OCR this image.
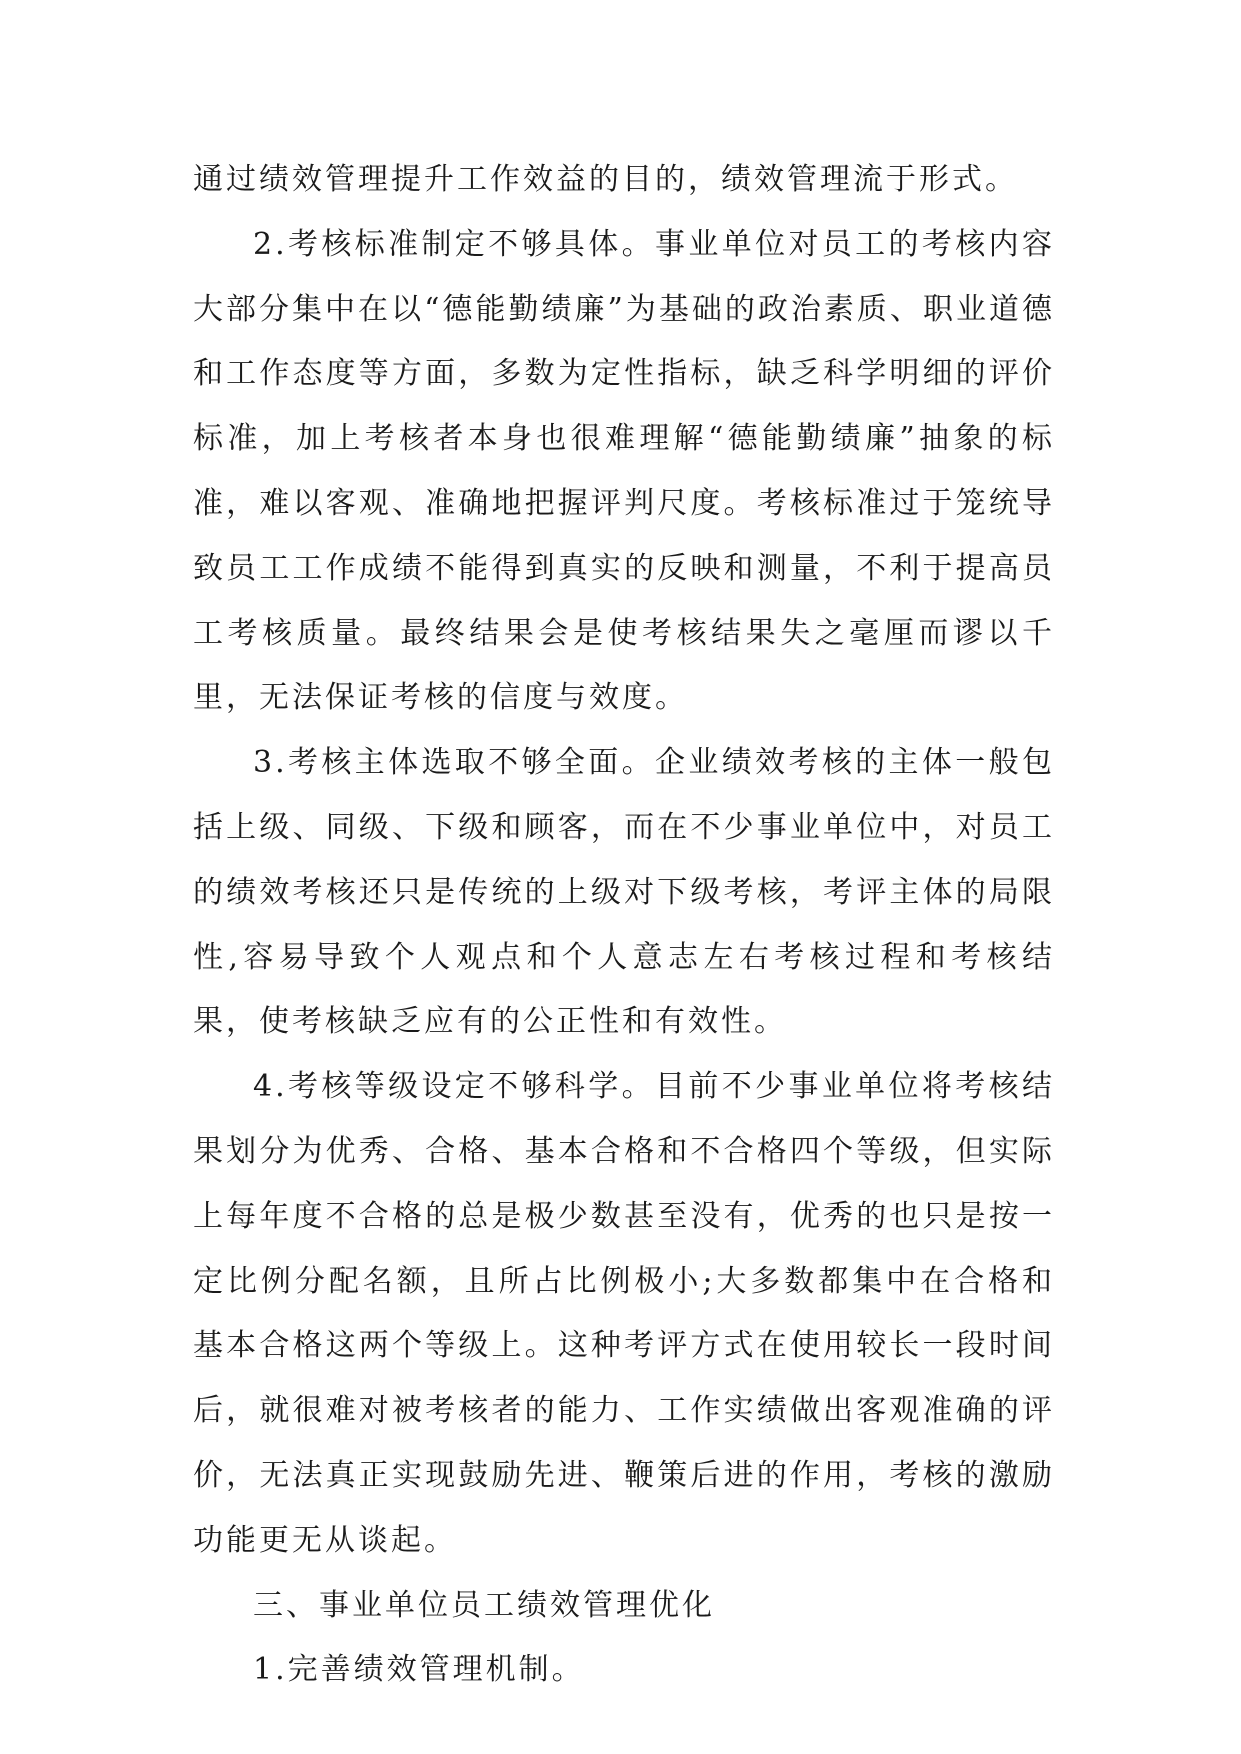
通过绩效管理提升工作效益的目的，绩效管理流于形式。

2.考核标准制定不够具体。事业单位对员工的考核内容大部分集中在以“德能勤绩廉”为基础的政治素质、职业道德和工作态度等方面，多数为定性指标，缺乏科学明细的评价标准，加上考核者本身也很难理解“德能勤绩廉”抽象的标准，难以客观、准确地把握评判尺度。考核标准过于笼统导致员工工作成绩不能得到真实的反映和测量，不利于提高员工考核质量。最终结果会是使考核结果失之毫厘而谬以千里，无法保证考核的信度与效度。

3.考核主体选取不够全面。企业绩效考核的主体一般包括上级、同级、下级和顾客，而在不少事业单位中，对员工的绩效考核还只是传统的上级对下级考核，考评主体的局限性,容易导致个人观点和个人意志左右考核过程和考核结果，使考核缺乏应有的公正性和有效性。

4.考核等级设定不够科学。目前不少事业单位将考核结果划分为优秀、合格、基本合格和不合格四个等级，但实际上每年度不合格的总是极少数甚至没有，优秀的也只是按一定比例分配名额，且所占比例极小;大多数都集中在合格和基本合格这两个等级上。这种考评方式在使用较长一段时间后，就很难对被考核者的能力、工作实绩做出客观准确的评价，无法真正实现鼓励先进、鞭策后进的作用，考核的激励功能更无从谈起。

三、事业单位员工绩效管理优化

1.完善绩效管理机制。
